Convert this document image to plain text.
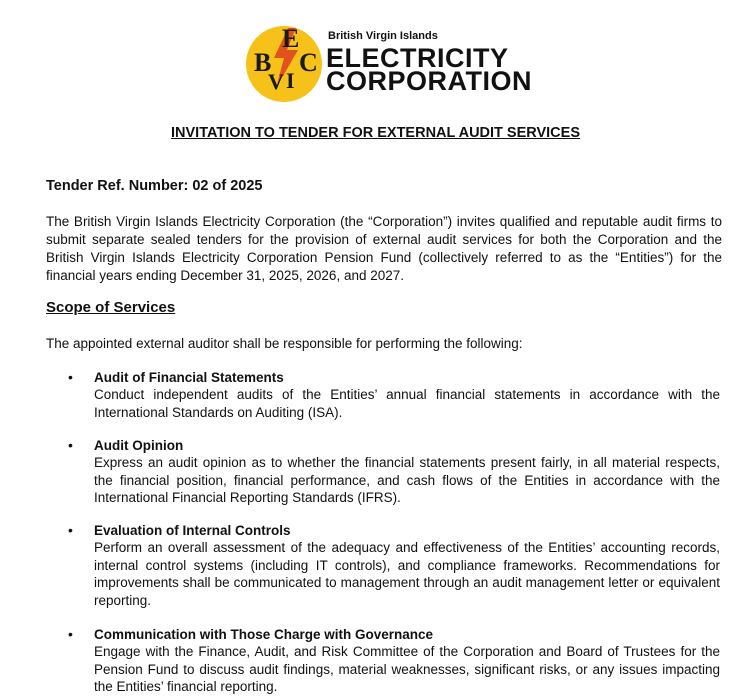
B
V I
E
C
British Virgin Islands
ELECTRICITY
CORPORATION
INVITATION TO TENDER FOR EXTERNAL AUDIT SERVICES
Tender Ref. Number: 02 of 2025
The British Virgin Islands Electricity Corporation (the “Corporation”) invites qualified and reputable audit firms to submit separate sealed tenders for the provision of external audit services for both the Corporation and the British Virgin Islands Electricity Corporation Pension Fund (collectively referred to as the “Entities”) for the financial years ending December 31, 2025, 2026, and 2027.
Scope of Services
The appointed external auditor shall be responsible for performing the following:
• Audit of Financial Statements
Conduct independent audits of the Entities’ annual financial statements in accordance with the International Standards on Auditing (ISA).
• Audit Opinion
Express an audit opinion as to whether the financial statements present fairly, in all material respects, the financial position, financial performance, and cash flows of the Entities in accordance with the International Financial Reporting Standards (IFRS).
• Evaluation of Internal Controls
Perform an overall assessment of the adequacy and effectiveness of the Entities’ accounting records, internal control systems (including IT controls), and compliance frameworks. Recommendations for improvements shall be communicated to management through an audit management letter or equivalent reporting.
• Communication with Those Charge with Governance
Engage with the Finance, Audit, and Risk Committee of the Corporation and Board of Trustees for the Pension Fund to discuss audit findings, material weaknesses, significant risks, or any issues impacting the Entities’ financial reporting.
